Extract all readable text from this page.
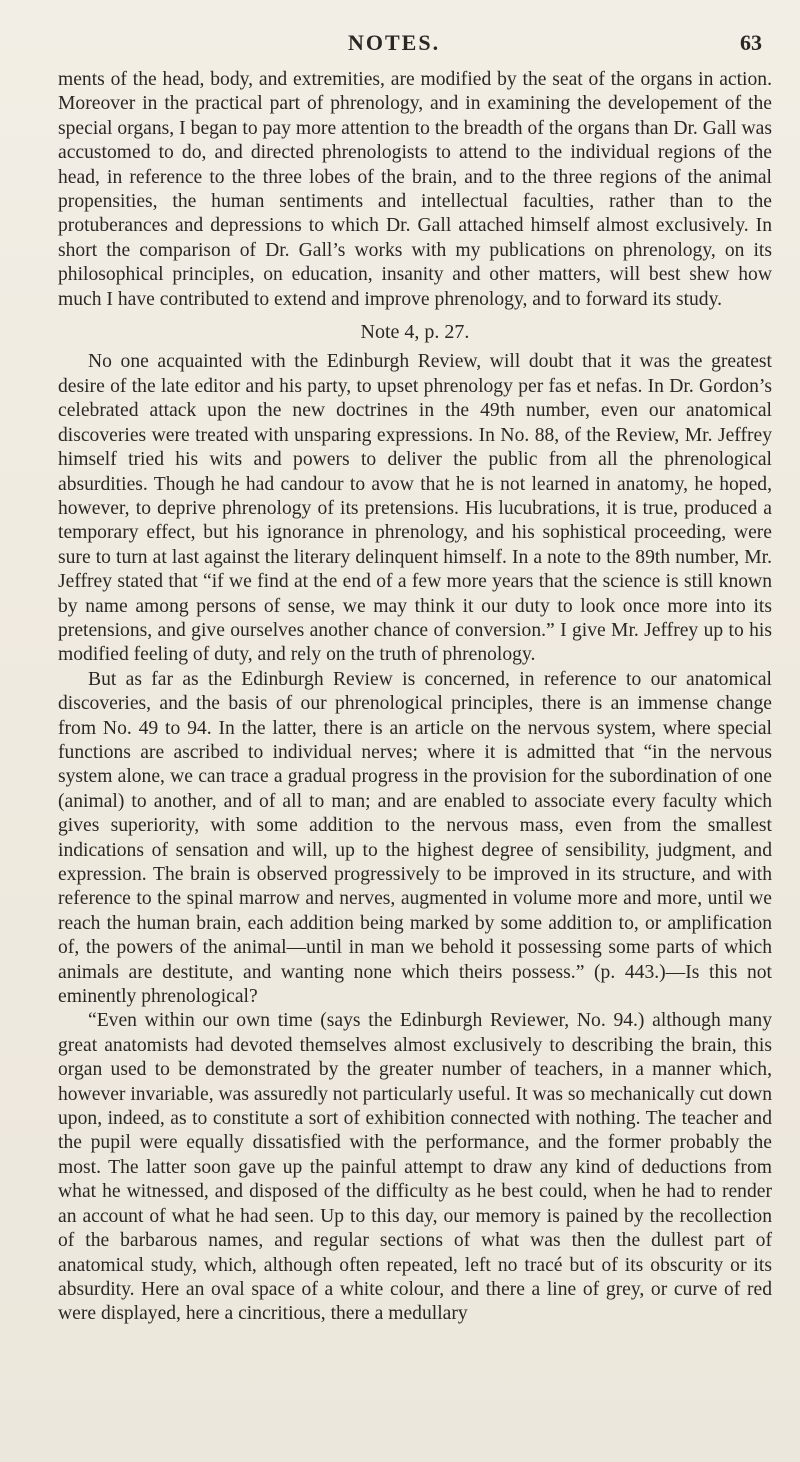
NOTES.	63

ments of the head, body, and extremities, are modified by the seat of the organs in action. Moreover in the practical part of phrenology, and in examining the developement of the special organs, I began to pay more attention to the breadth of the organs than Dr. Gall was accustomed to do, and directed phrenologists to attend to the individual regions of the head, in reference to the three lobes of the brain, and to the three regions of the animal propensities, the human sentiments and intellectual faculties, rather than to the protuberances and depressions to which Dr. Gall attached himself almost exclusively. In short the comparison of Dr. Gall’s works with my publications on phrenology, on its philosophical principles, on education, insanity and other matters, will best shew how much I have contributed to extend and improve phrenology, and to forward its study.

Note 4, p. 27.

No one acquainted with the Edinburgh Review, will doubt that it was the greatest desire of the late editor and his party, to upset phrenology per fas et nefas. In Dr. Gordon’s celebrated attack upon the new doctrines in the 49th number, even our anatomical discoveries were treated with unsparing expressions. In No. 88, of the Review, Mr. Jeffrey himself tried his wits and powers to deliver the public from all the phrenological absurdities. Though he had candour to avow that he is not learned in anatomy, he hoped, however, to deprive phrenology of its pretensions. His lucubrations, it is true, produced a temporary effect, but his ignorance in phrenology, and his sophistical proceeding, were sure to turn at last against the literary delinquent himself. In a note to the 89th number, Mr. Jeffrey stated that “if we find at the end of a few more years that the science is still known by name among persons of sense, we may think it our duty to look once more into its pretensions, and give ourselves another chance of conversion.” I give Mr. Jeffrey up to his modified feeling of duty, and rely on the truth of phrenology.

But as far as the Edinburgh Review is concerned, in reference to our anatomical discoveries, and the basis of our phrenological principles, there is an immense change from No. 49 to 94. In the latter, there is an article on the nervous system, where special functions are ascribed to individual nerves; where it is admitted that “in the nervous system alone, we can trace a gradual progress in the provision for the subordination of one (animal) to another, and of all to man; and are enabled to associate every faculty which gives superiority, with some addition to the nervous mass, even from the smallest indications of sensation and will, up to the highest degree of sensibility, judgment, and expression. The brain is observed progressively to be improved in its structure, and with reference to the spinal marrow and nerves, augmented in volume more and more, until we reach the human brain, each addition being marked by some addition to, or amplification of, the powers of the animal—until in man we behold it possessing some parts of which animals are destitute, and wanting none which theirs possess.” (p. 443.)—Is this not eminently phrenological?

“Even within our own time (says the Edinburgh Reviewer, No. 94.) although many great anatomists had devoted themselves almost exclusively to describing the brain, this organ used to be demonstrated by the greater number of teachers, in a manner which, however invariable, was assuredly not particularly useful. It was so mechanically cut down upon, indeed, as to constitute a sort of exhibition connected with nothing. The teacher and the pupil were equally dissatisfied with the performance, and the former probably the most. The latter soon gave up the painful attempt to draw any kind of deductions from what he witnessed, and disposed of the difficulty as he best could, when he had to render an account of what he had seen. Up to this day, our memory is pained by the recollection of the barbarous names, and regular sections of what was then the dullest part of anatomical study, which, although often repeated, left no tracé but of its obscurity or its absurdity. Here an oval space of a white colour, and there a line of grey, or curve of red were displayed, here a cincritious, there a medullary
